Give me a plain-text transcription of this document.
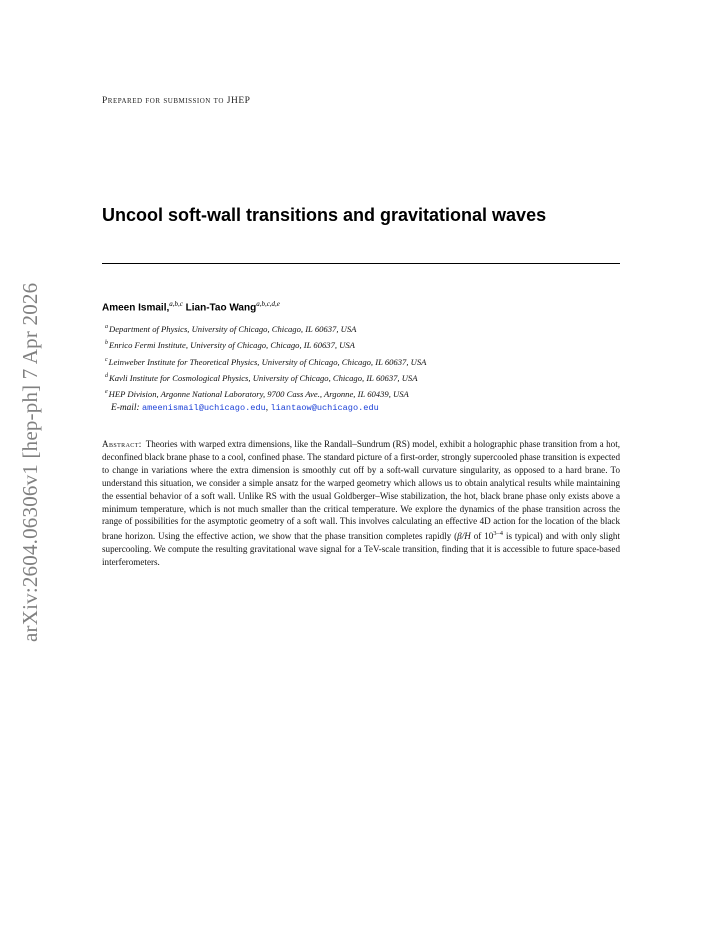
arXiv:2604.06306v1 [hep-ph] 7 Apr 2026
Prepared for submission to JHEP
Uncool soft-wall transitions and gravitational waves
Ameen Ismail,$^{a,b,c}$ Lian-Tao Wang$^{a,b,c,d,e}$
$^a$Department of Physics, University of Chicago, Chicago, IL 60637, USA
$^b$Enrico Fermi Institute, University of Chicago, Chicago, IL 60637, USA
$^c$Leinweber Institute for Theoretical Physics, University of Chicago, Chicago, IL 60637, USA
$^d$Kavli Institute for Cosmological Physics, University of Chicago, Chicago, IL 60637, USA
$^e$HEP Division, Argonne National Laboratory, 9700 Cass Ave., Argonne, IL 60439, USA
E-mail: ameenismail@uchicago.edu, liantaow@uchicago.edu
Abstract: Theories with warped extra dimensions, like the Randall–Sundrum (RS) model, exhibit a holographic phase transition from a hot, deconfined black brane phase to a cool, confined phase. The standard picture of a first-order, strongly supercooled phase transition is expected to change in variations where the extra dimension is smoothly cut off by a soft-wall curvature singularity, as opposed to a hard brane. To understand this situation, we consider a simple ansatz for the warped geometry which allows us to obtain analytical results while maintaining the essential behavior of a soft wall. Unlike RS with the usual Goldberger–Wise stabilization, the hot, black brane phase only exists above a minimum temperature, which is not much smaller than the critical temperature. We explore the dynamics of the phase transition across the range of possibilities for the asymptotic geometry of a soft wall. This involves calculating an effective 4D action for the location of the black brane horizon. Using the effective action, we show that the phase transition completes rapidly (β/H of 10$^{3-4}$ is typical) and with only slight supercooling. We compute the resulting gravitational wave signal for a TeV-scale transition, finding that it is accessible to future space-based interferometers.
